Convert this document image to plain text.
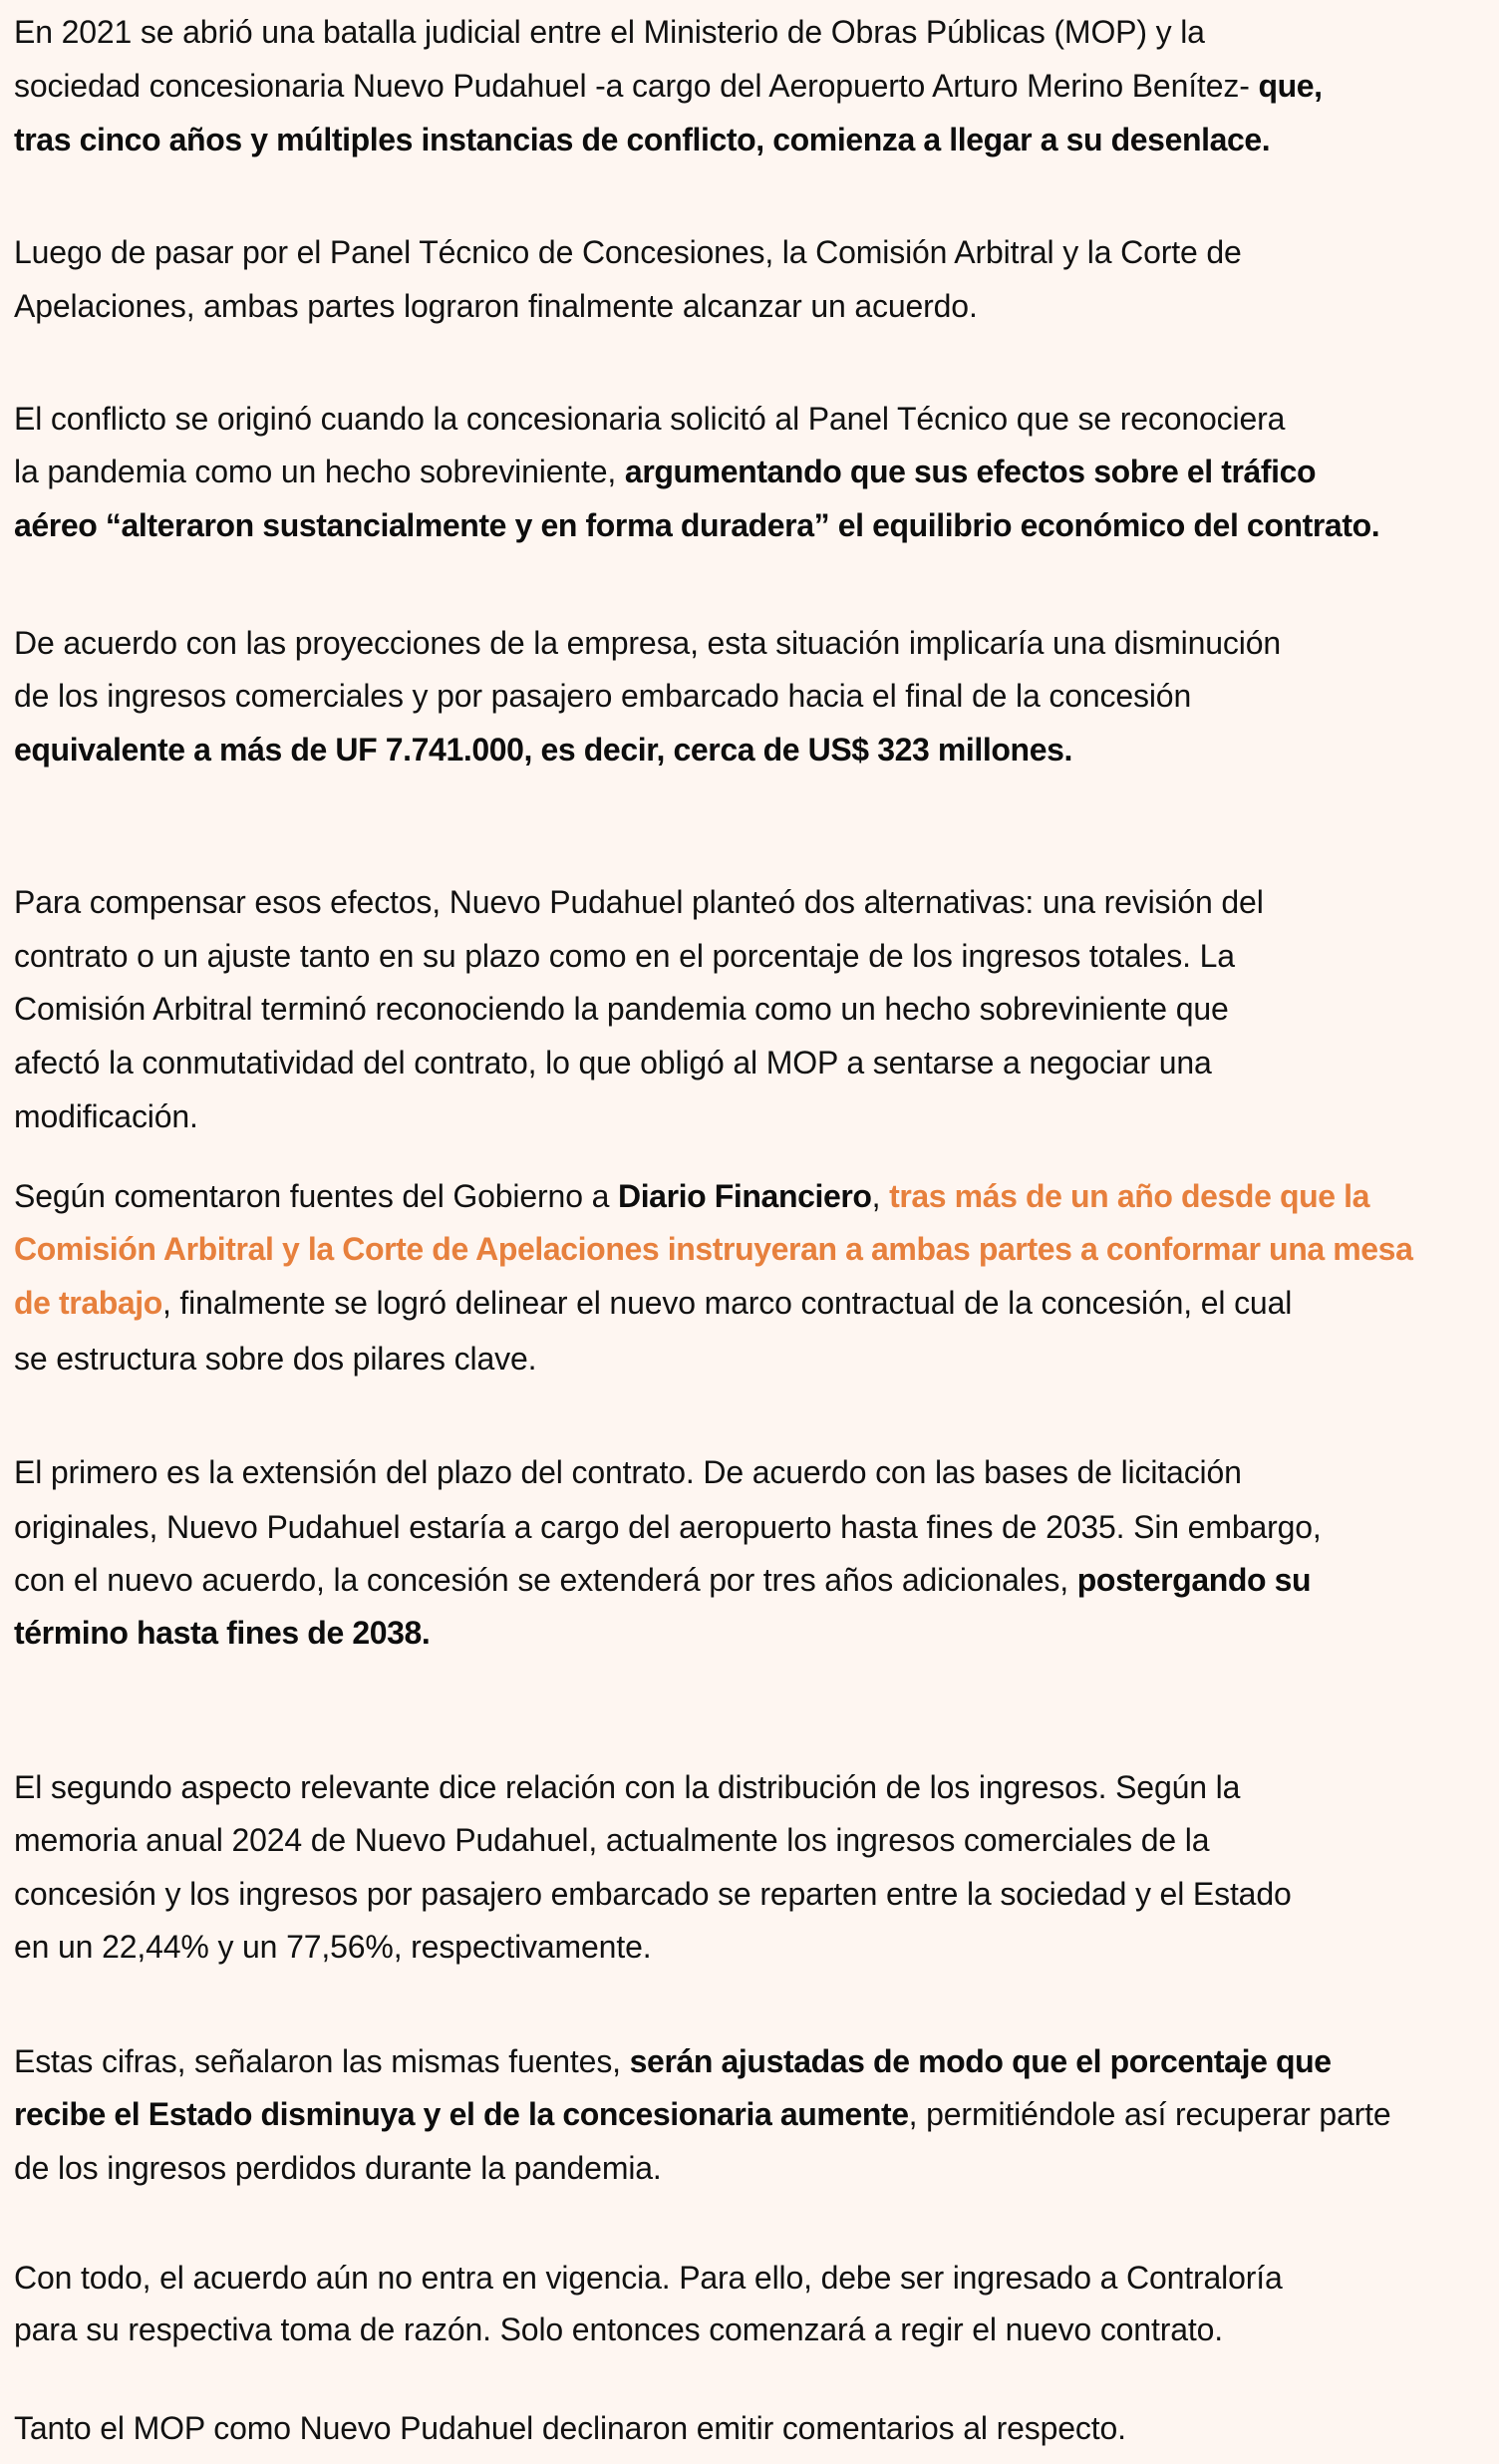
En 2021 se abrió una batalla judicial entre el Ministerio de Obras Públicas (MOP) y la
sociedad concesionaria Nuevo Pudahuel -a cargo del Aeropuerto Arturo Merino Benítez- que,
tras cinco años y múltiples instancias de conflicto, comienza a llegar a su desenlace.
Luego de pasar por el Panel Técnico de Concesiones, la Comisión Arbitral y la Corte de
Apelaciones, ambas partes lograron finalmente alcanzar un acuerdo.
El conflicto se originó cuando la concesionaria solicitó al Panel Técnico que se reconociera
la pandemia como un hecho sobreviniente, argumentando que sus efectos sobre el tráfico
aéreo “alteraron sustancialmente y en forma duradera” el equilibrio económico del contrato.
De acuerdo con las proyecciones de la empresa, esta situación implicaría una disminución
de los ingresos comerciales y por pasajero embarcado hacia el final de la concesión
equivalente a más de UF 7.741.000, es decir, cerca de US$ 323 millones.
Para compensar esos efectos, Nuevo Pudahuel planteó dos alternativas: una revisión del
contrato o un ajuste tanto en su plazo como en el porcentaje de los ingresos totales. La
Comisión Arbitral terminó reconociendo la pandemia como un hecho sobreviniente que
afectó la conmutatividad del contrato, lo que obligó al MOP a sentarse a negociar una
modificación.
Según comentaron fuentes del Gobierno a Diario Financiero, tras más de un año desde que la
Comisión Arbitral y la Corte de Apelaciones instruyeran a ambas partes a conformar una mesa
de trabajo, finalmente se logró delinear el nuevo marco contractual de la concesión, el cual
se estructura sobre dos pilares clave.
El primero es la extensión del plazo del contrato. De acuerdo con las bases de licitación
originales, Nuevo Pudahuel estaría a cargo del aeropuerto hasta fines de 2035. Sin embargo,
con el nuevo acuerdo, la concesión se extenderá por tres años adicionales, postergando su
término hasta fines de 2038.
El segundo aspecto relevante dice relación con la distribución de los ingresos. Según la
memoria anual 2024 de Nuevo Pudahuel, actualmente los ingresos comerciales de la
concesión y los ingresos por pasajero embarcado se reparten entre la sociedad y el Estado
en un 22,44% y un 77,56%, respectivamente.
Estas cifras, señalaron las mismas fuentes, serán ajustadas de modo que el porcentaje que
recibe el Estado disminuya y el de la concesionaria aumente, permitiéndole así recuperar parte
de los ingresos perdidos durante la pandemia.
Con todo, el acuerdo aún no entra en vigencia. Para ello, debe ser ingresado a Contraloría
para su respectiva toma de razón. Solo entonces comenzará a regir el nuevo contrato.
Tanto el MOP como Nuevo Pudahuel declinaron emitir comentarios al respecto.
